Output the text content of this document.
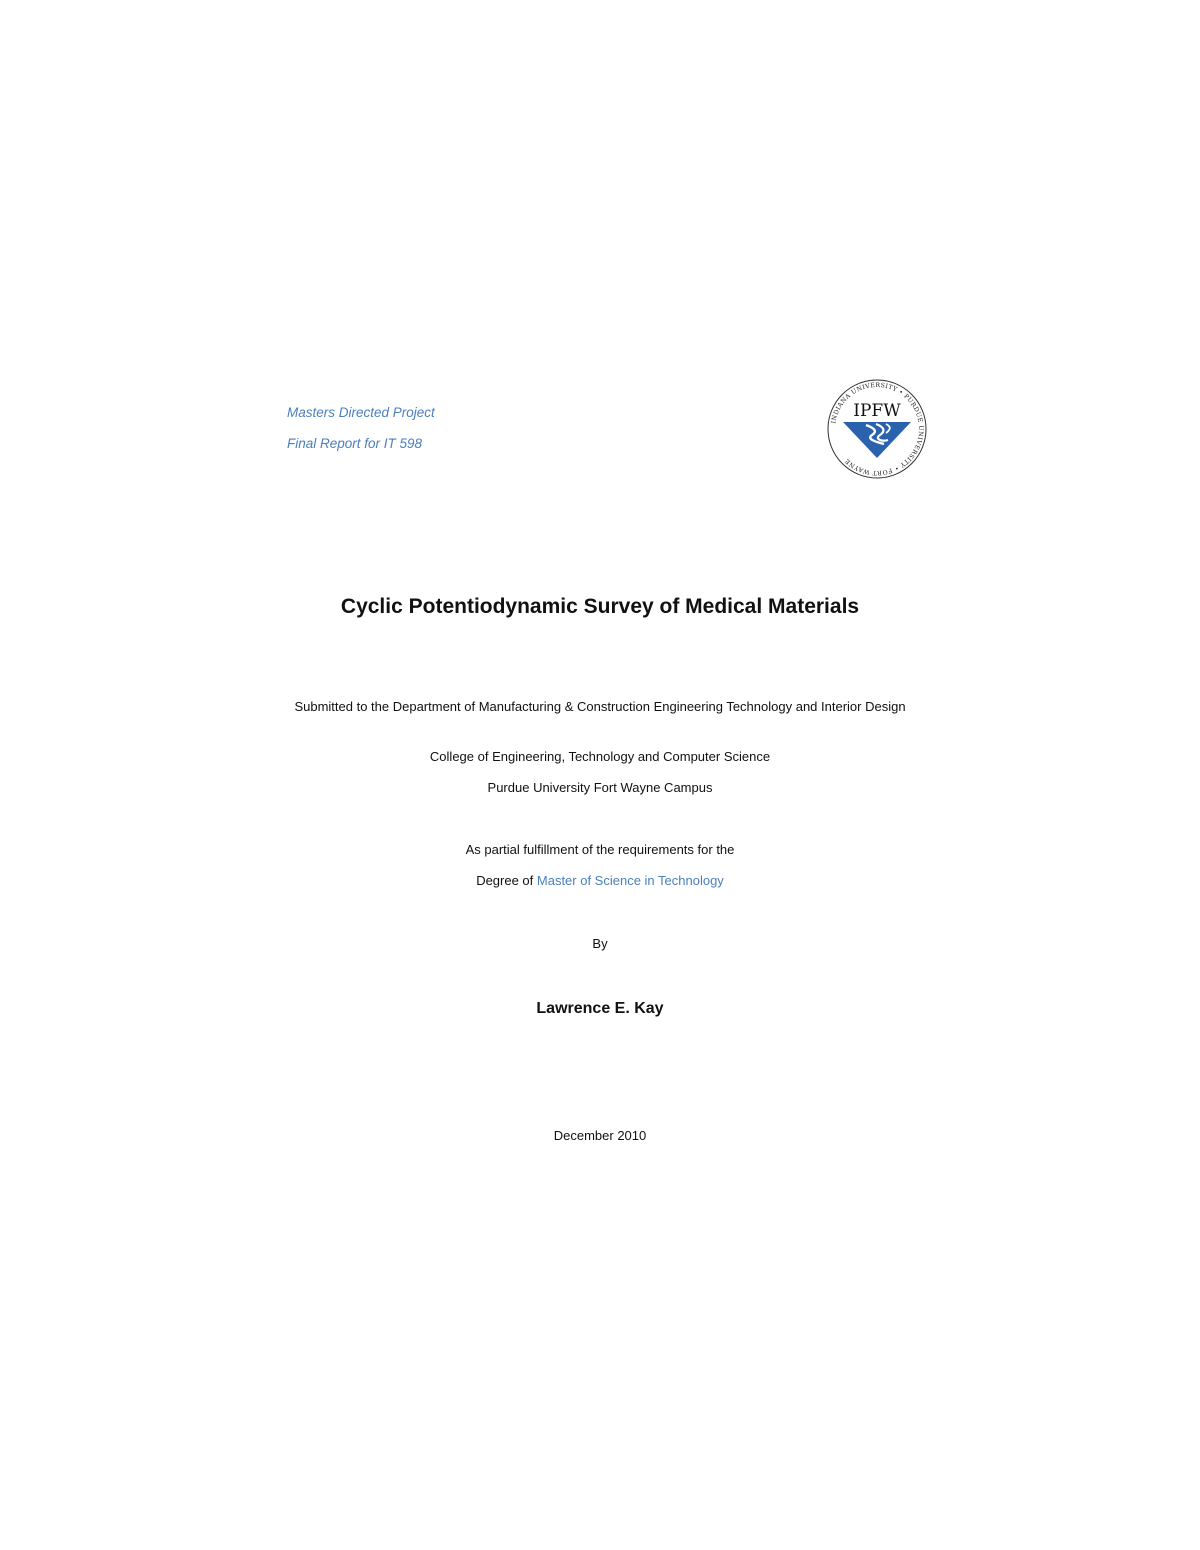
Masters Directed Project

Final Report for IT 598

INDIANA UNIVERSITY • PURDUE UNIVERSITY • FORT WAYNE
IPFW
Cyclic Potentiodynamic Survey of Medical Materials
Submitted to the Department of Manufacturing & Construction Engineering Technology and Interior Design
College of Engineering, Technology and Computer Science
Purdue University Fort Wayne Campus
As partial fulfillment of the requirements for the
Degree of Master of Science in Technology
By
Lawrence E. Kay
December 2010
